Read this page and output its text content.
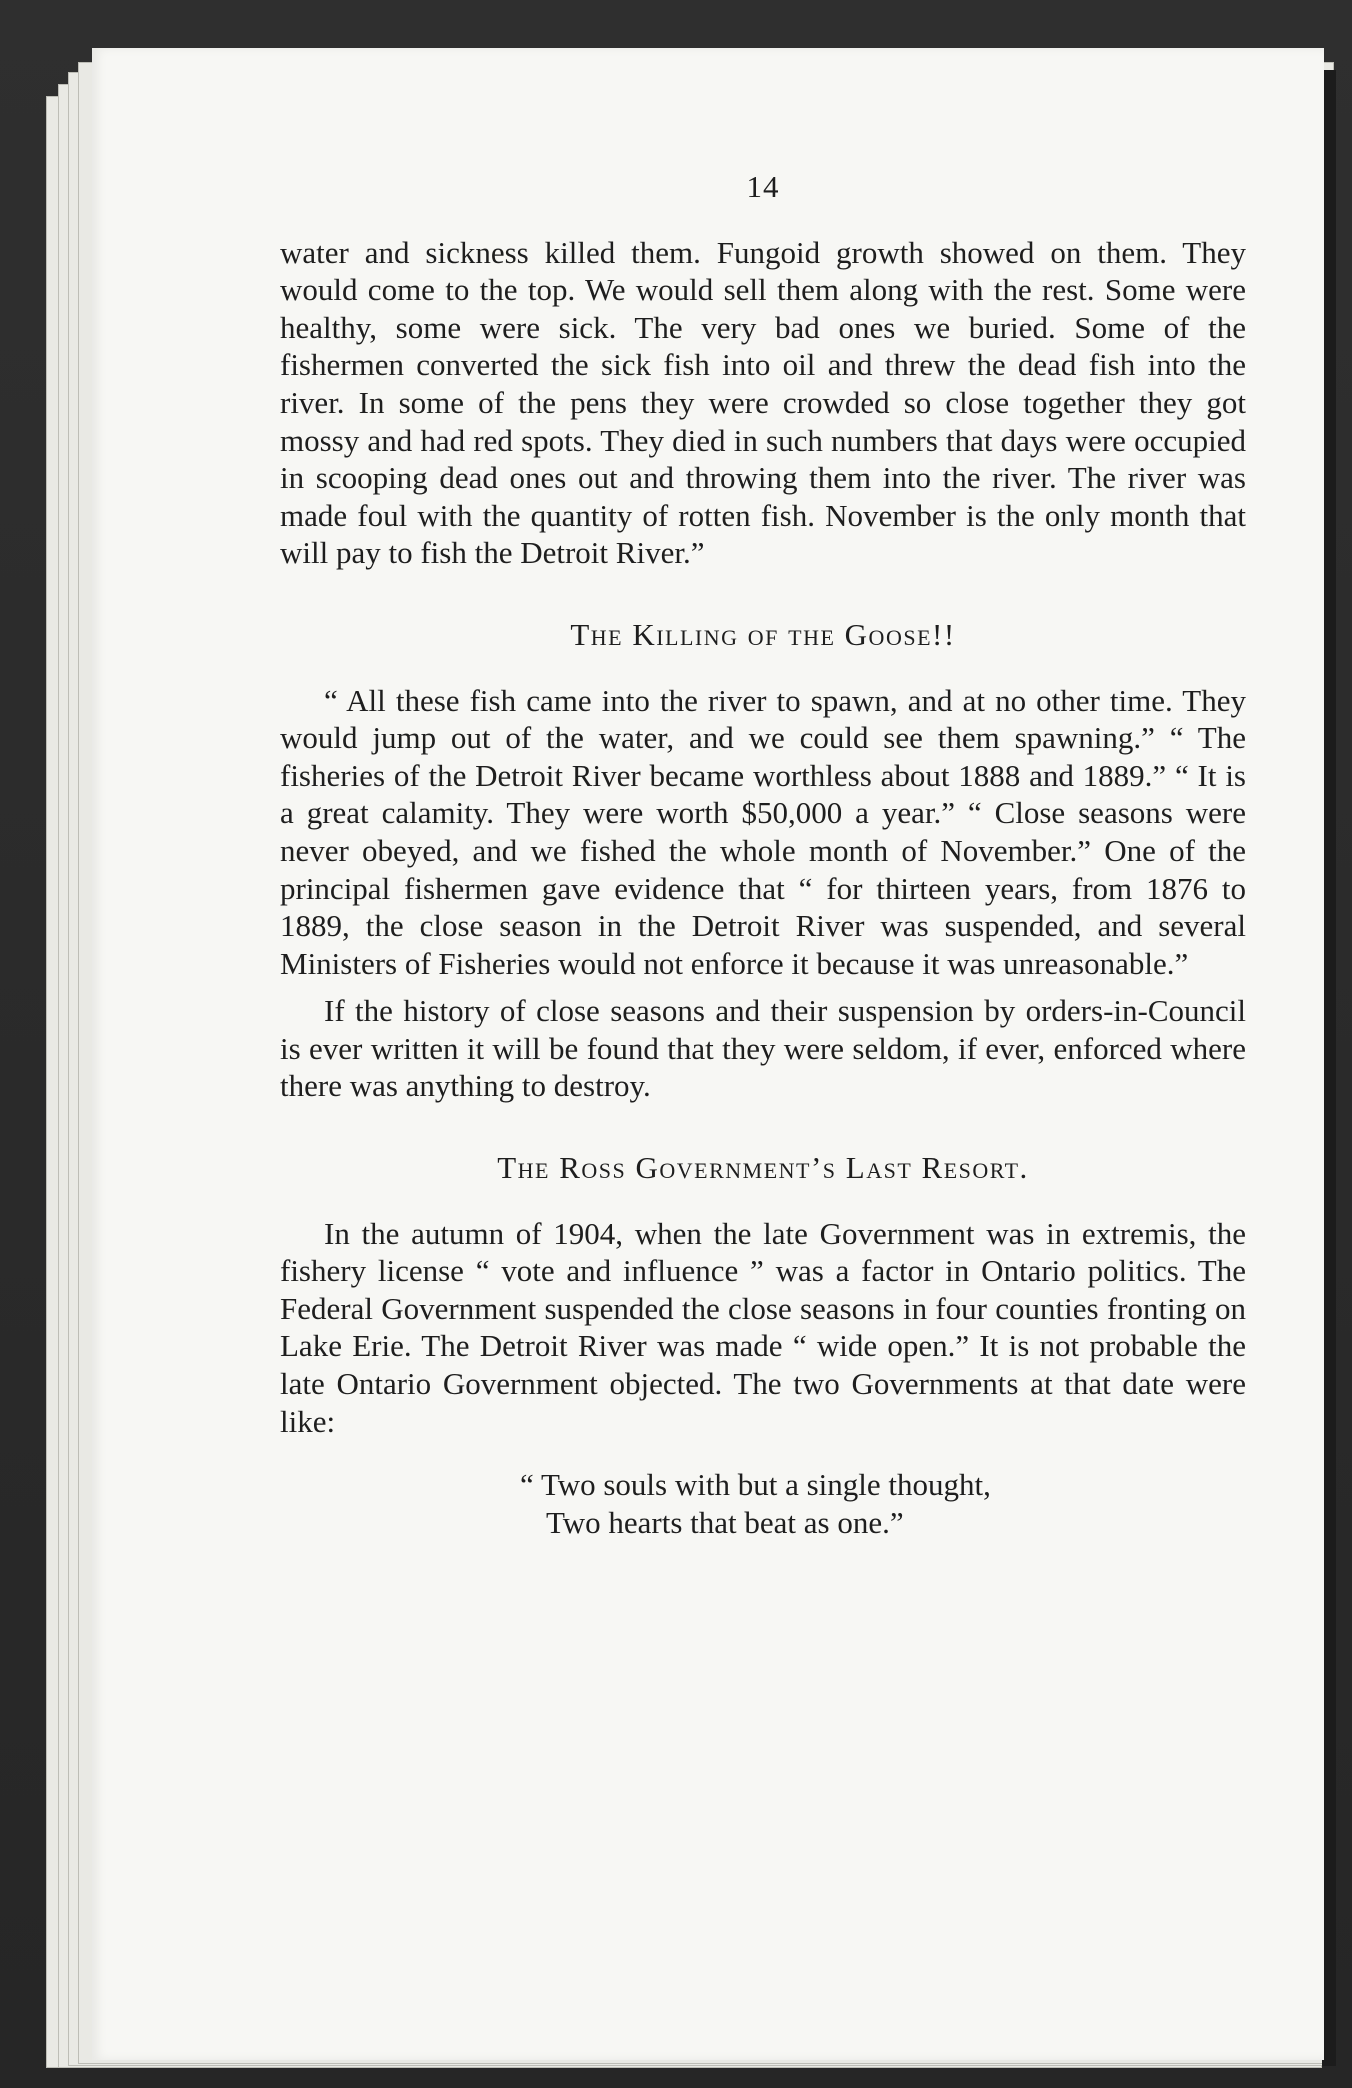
14

water and sickness killed them. Fungoid growth showed on them. They would come to the top. We would sell them along with the rest. Some were healthy, some were sick. The very bad ones we buried. Some of the fishermen converted the sick fish into oil and threw the dead fish into the river. In some of the pens they were crowded so close together they got mossy and had red spots. They died in such numbers that days were occupied in scooping dead ones out and throwing them into the river. The river was made foul with the quantity of rotten fish. November is the only month that will pay to fish the Detroit River.”

The Killing of the Goose!!

“ All these fish came into the river to spawn, and at no other time. They would jump out of the water, and we could see them spawning.” “ The fisheries of the Detroit River became worthless about 1888 and 1889.” “ It is a great calamity. They were worth $50,000 a year.” “ Close seasons were never obeyed, and we fished the whole month of November.” One of the principal fishermen gave evidence that “ for thirteen years, from 1876 to 1889, the close season in the Detroit River was suspended, and several Ministers of Fisheries would not enforce it because it was unreasonable.”

If the history of close seasons and their suspension by orders-in-Council is ever written it will be found that they were seldom, if ever, enforced where there was anything to destroy.

The Ross Government’s Last Resort.

In the autumn of 1904, when the late Government was in extremis, the fishery license “ vote and influence ” was a factor in Ontario politics. The Federal Government suspended the close seasons in four counties fronting on Lake Erie. The Detroit River was made “ wide open.” It is not probable the late Ontario Government objected. The two Governments at that date were like:

“ Two souls with but a single thought,
Two hearts that beat as one.”
